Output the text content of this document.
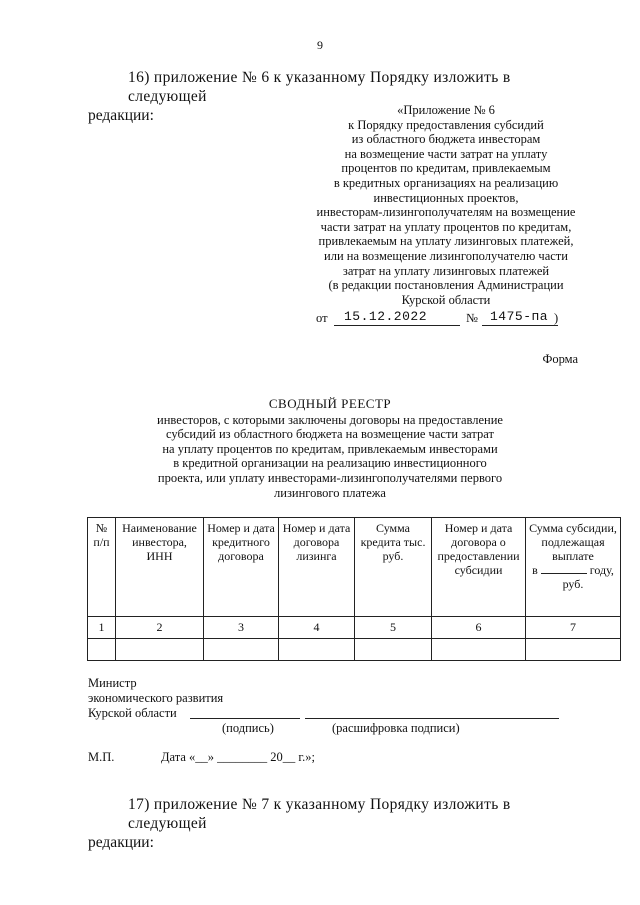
9
16) приложение № 6 к указанному Порядку изложить в следующей
редакции:	«Приложение № 6
к Порядку предоставления субсидий
из областного бюджета инвесторам
на возмещение части затрат на уплату
процентов по кредитам, привлекаемым
в кредитных организациях на реализацию
инвестиционных проектов,
инвесторам-лизингополучателям на возмещение
части затрат на уплату процентов по кредитам,
привлекаемым на уплату лизинговых платежей,
или на возмещение лизингополучателю части
затрат на уплату лизинговых платежей
(в редакции постановления Администрации
Курской области
от 15.12.2022	№ 1475-па )
Форма
СВОДНЫЙ РЕЕСТР
инвесторов, с которыми заключены договоры на предоставление
субсидий из областного бюджета на возмещение части затрат
на уплату процентов по кредитам, привлекаемым инвесторами
в кредитной организации на реализацию инвестиционного
проекта, или уплату инвесторами-лизингополучателями первого
лизингового платежа
№ п/п	Наименование инвестора, ИНН	Номер и дата кредитного договора	Номер и дата договора лизинга	Сумма кредита тыс. руб.	Номер и дата договора о предоставлении субсидии	Сумма субсидии, подлежащая выплате
в году,
руб.

1	2	3	4	5	6	7

Министр
экономического развития
Курской области
(подпись)	(расшифровка подписи)
М.П.	Дата «__» ________ 20__ г.»;
17) приложение № 7 к указанному Порядку изложить в следующей
редакции:
